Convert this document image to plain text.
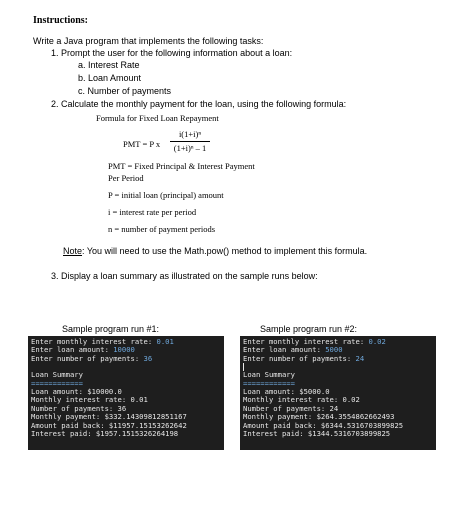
Instructions:
Write a Java program that implements the following tasks:
1. Prompt the user for the following information about a loan:
a. Interest Rate
b. Loan Amount
c. Number of payments
2. Calculate the monthly payment for the loan, using the following formula:
Formula for Fixed Loan Repayment
PMT = P x
i(1+i)ⁿ
(1+i)ⁿ – 1
PMT = Fixed Principal & Interest Payment
Per Period
P = initial loan (principal) amount
i = interest rate per period
n = number of payment periods
Note: You will need to use the Math.pow() method to implement this formula.
3. Display a loan summary as illustrated on the sample runs below:
Sample program run #1:
Enter monthly interest rate: 0.01
Enter loan amount: 10000
Enter number of payments: 36
Loan Summary
============
Loan amount: $10000.0
Monthly interest rate: 0.01
Number of payments: 36
Monthly payment: $332.14309812851167
Amount paid back: $11957.15153262642
Interest paid: $1957.1515326264198
Sample program run #2:
Enter monthly interest rate: 0.02
Enter loan amount: 5000
Enter number of payments: 24
Loan Summary
============
Loan amount: $5000.0
Monthly interest rate: 0.02
Number of payments: 24
Monthly payment: $264.3554862662493
Amount paid back: $6344.5316703899825
Interest paid: $1344.5316703899825
